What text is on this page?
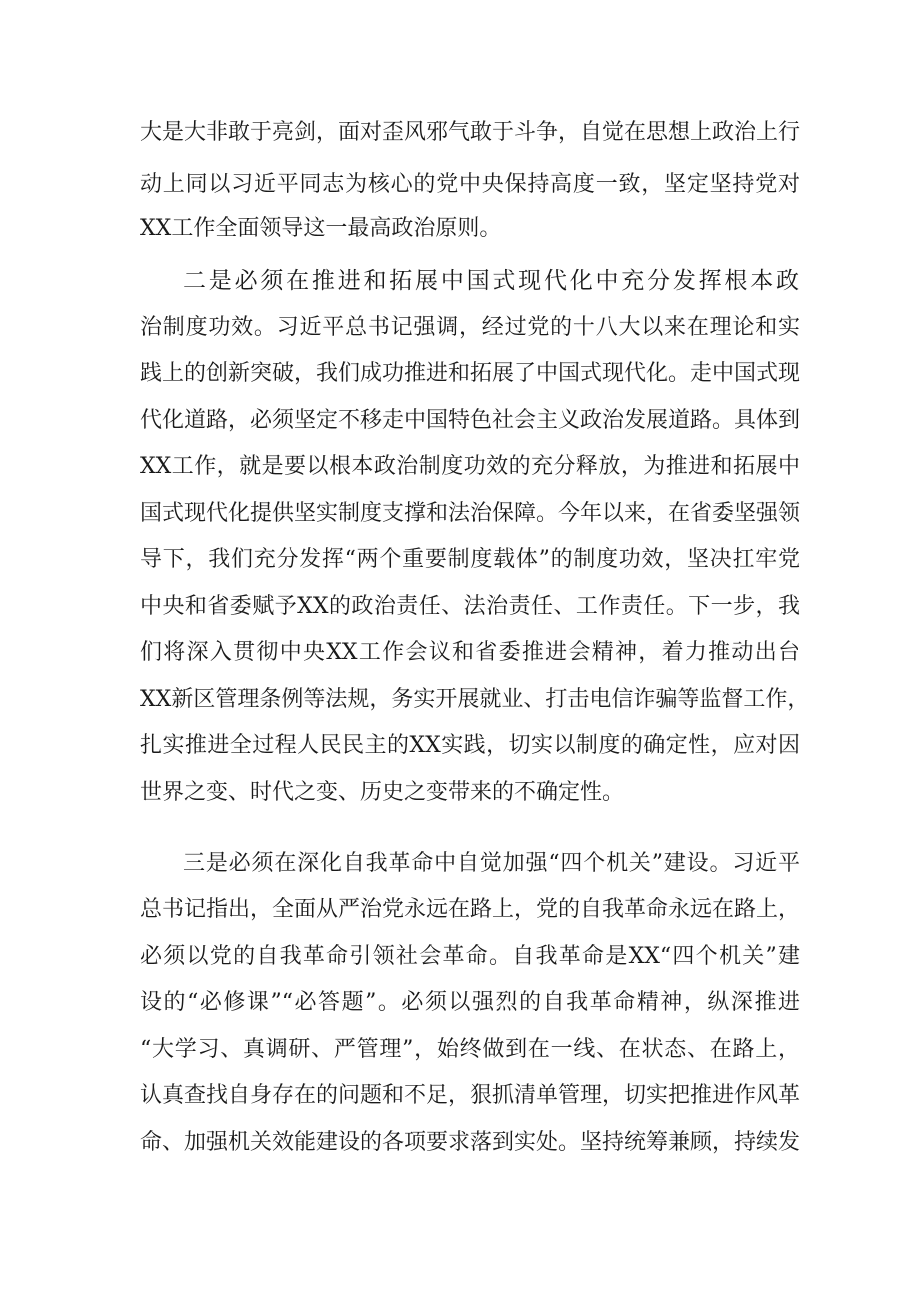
大是大非敢于亮剑，面对歪风邪气敢于斗争，自觉在思想上政治上行
动上同以习近平同志为核心的党中央保持高度一致，坚定坚持党对
XX工作全面领导这一最高政治原则。
二是必须在推进和拓展中国式现代化中充分发挥根本政
治制度功效。习近平总书记强调，经过党的十八大以来在理论和实
践上的创新突破，我们成功推进和拓展了中国式现代化。走中国式现
代化道路，必须坚定不移走中国特色社会主义政治发展道路。具体到
XX工作，就是要以根本政治制度功效的充分释放，为推进和拓展中
国式现代化提供坚实制度支撑和法治保障。今年以来，在省委坚强领
导下，我们充分发挥“两个重要制度载体”的制度功效，坚决扛牢党
中央和省委赋予XX的政治责任、法治责任、工作责任。下一步，我
们将深入贯彻中央XX工作会议和省委推进会精神，着力推动出台
XX新区管理条例等法规，务实开展就业、打击电信诈骗等监督工作，
扎实推进全过程人民民主的XX实践，切实以制度的确定性，应对因
世界之变、时代之变、历史之变带来的不确定性。
三是必须在深化自我革命中自觉加强“四个机关”建设。习近平
总书记指出，全面从严治党永远在路上，党的自我革命永远在路上，
必须以党的自我革命引领社会革命。自我革命是XX“四个机关”建
设的“必修课”“必答题”。必须以强烈的自我革命精神，纵深推进
“大学习、真调研、严管理”，始终做到在一线、在状态、在路上，
认真查找自身存在的问题和不足，狠抓清单管理，切实把推进作风革
命、加强机关效能建设的各项要求落到实处。坚持统筹兼顾，持续发
